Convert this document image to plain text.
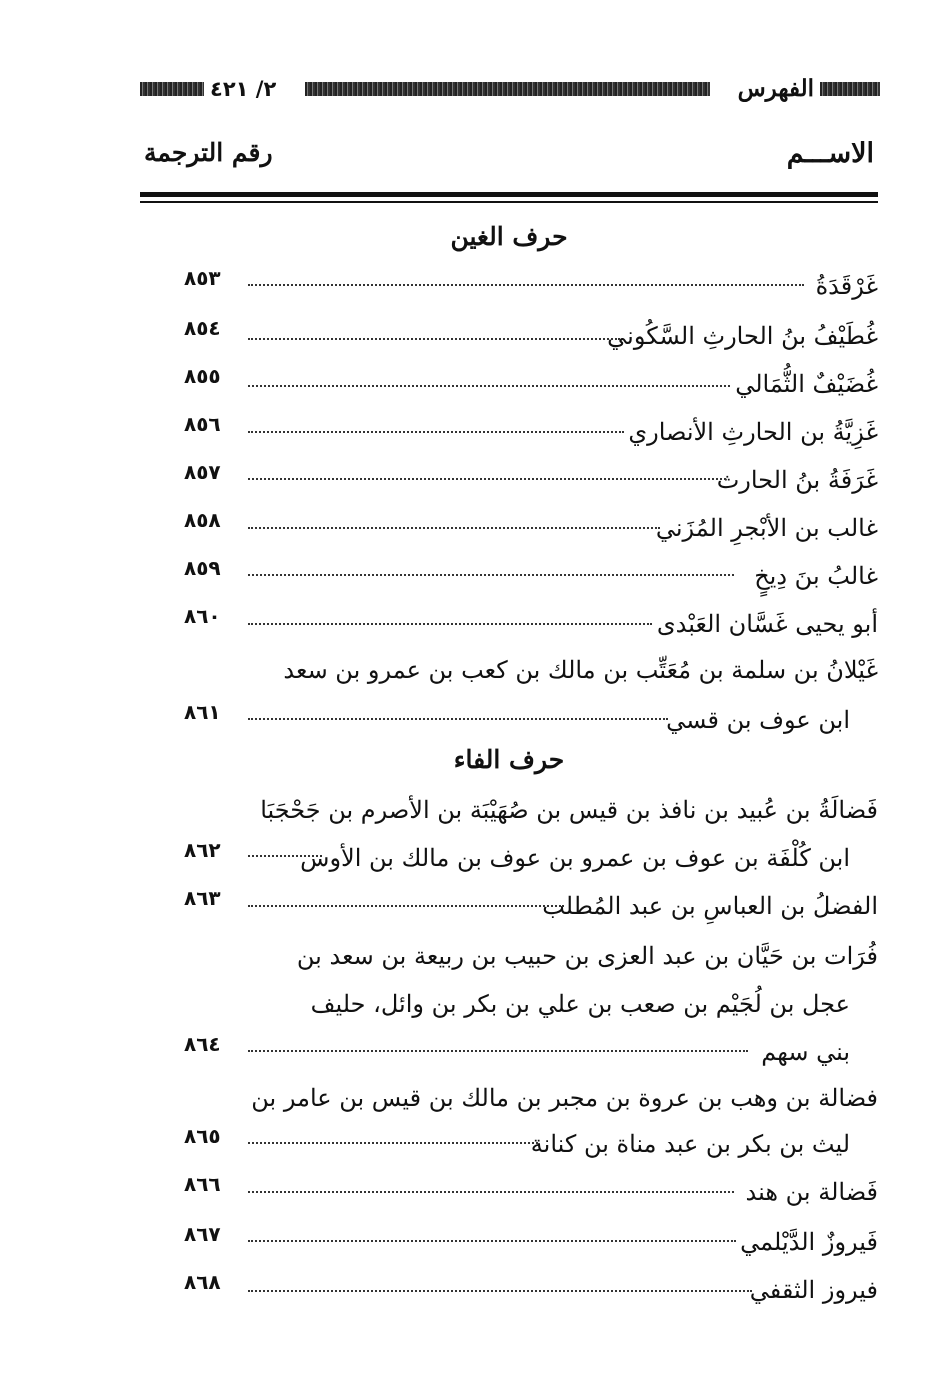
الفهرس
٢/ ٤٢١
الاســـم
رقم الترجمة
حرف الغين
غَرْقَدَةُ
٨٥٣
غُطَيْفُ بنُ الحارثِ السَّكُوني
٨٥٤
غُضَيْفٌ الثُّمَالي
٨٥٥
غَزِيَّةُ بن الحارثِ الأنصاري
٨٥٦
غَرَفَةُ بنُ الحارث
٨٥٧
غالب بن الأبْجرِ المُزَني
٨٥٨
غالبُ بنَ دِيخٍ
٨٥٩
أبو يحيى غَسَّان العَبْدى
٨٦٠
غَيْلانُ بن سلمة بن مُعَتِّب بن مالك بن كعب بن عمرو بن سعد
ابن عوف بن قسي
٨٦١
حرف الفاء
فَضالَةُ بن عُبيد بن نافذ بن قيس بن صُهَيْبَة بن الأصرم بن جَحْجَبَا
ابن كُلْفَة بن عوف بن عمرو بن عوف بن مالك بن الأوس
٨٦٢
الفضلُ بن العباسِ بن عبد المُطلب
٨٦٣
فُرَات بن حَيَّان بن عبد العزى بن حبيب بن ربيعة بن سعد بن
عجل بن لُجَيْم بن صعب بن علي بن بكر بن وائل، حليف
بني سهم
٨٦٤
فضالة بن وهب بن عروة بن مجبر بن مالك بن قيس بن عامر بن
ليث بن بكر بن عبد مناة بن كنانة
٨٦٥
فَضالة بن هند
٨٦٦
فَيروزٌ الدَّيْلمي
٨٦٧
فيروز الثقفي
٨٦٨
